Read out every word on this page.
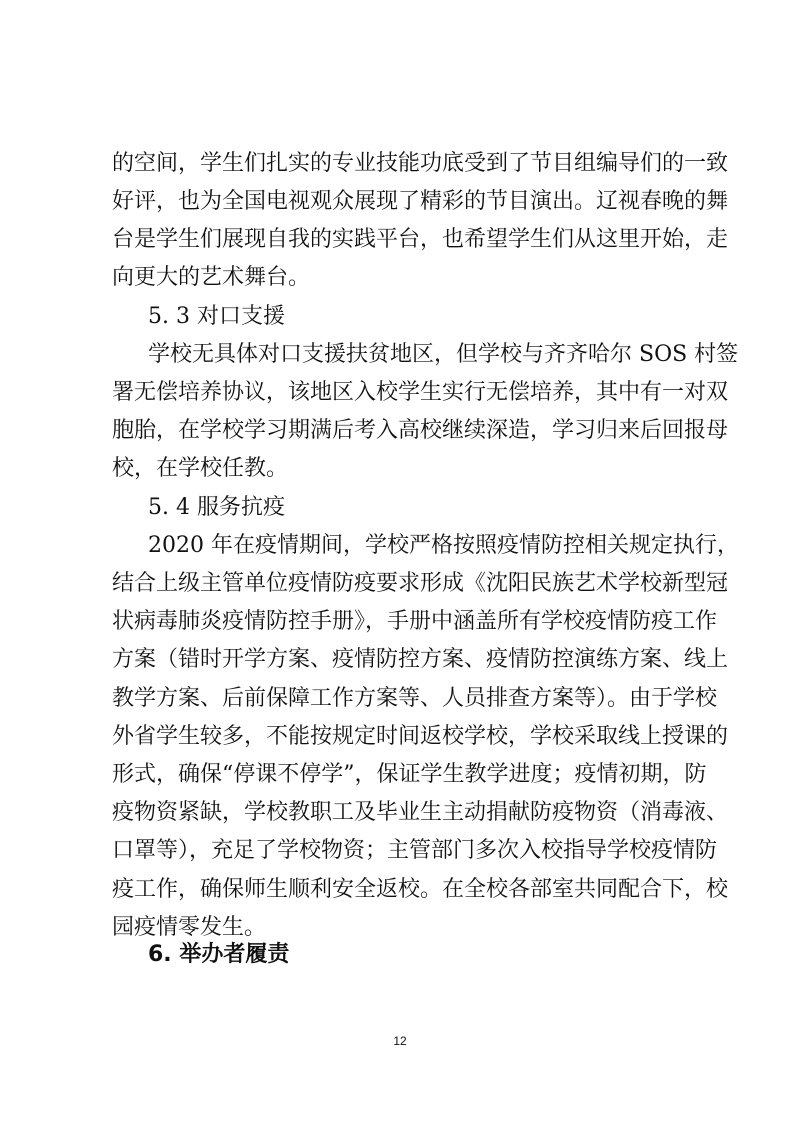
的空间，学生们扎实的专业技能功底受到了节目组编导们的一致
好评，也为全国电视观众展现了精彩的节目演出。辽视春晚的舞
台是学生们展现自我的实践平台，也希望学生们从这里开始，走
向更大的艺术舞台。
5. 3 对口支援
学校无具体对口支援扶贫地区，但学校与齐齐哈尔 SOS 村签
署无偿培养协议，该地区入校学生实行无偿培养，其中有一对双
胞胎，在学校学习期满后考入高校继续深造，学习归来后回报母
校，在学校任教。
5. 4 服务抗疫
2020 年在疫情期间，学校严格按照疫情防控相关规定执行，
结合上级主管单位疫情防疫要求形成《沈阳民族艺术学校新型冠
状病毒肺炎疫情防控手册》，手册中涵盖所有学校疫情防疫工作
方案（错时开学方案、疫情防控方案、疫情防控演练方案、线上
教学方案、后前保障工作方案等、人员排查方案等）。由于学校
外省学生较多，不能按规定时间返校学校，学校采取线上授课的
形式，确保“停课不停学”，保证学生教学进度；疫情初期，防
疫物资紧缺，学校教职工及毕业生主动捐献防疫物资（消毒液、
口罩等），充足了学校物资；主管部门多次入校指导学校疫情防
疫工作，确保师生顺利安全返校。在全校各部室共同配合下，校
园疫情零发生。
6. 举办者履责
12
